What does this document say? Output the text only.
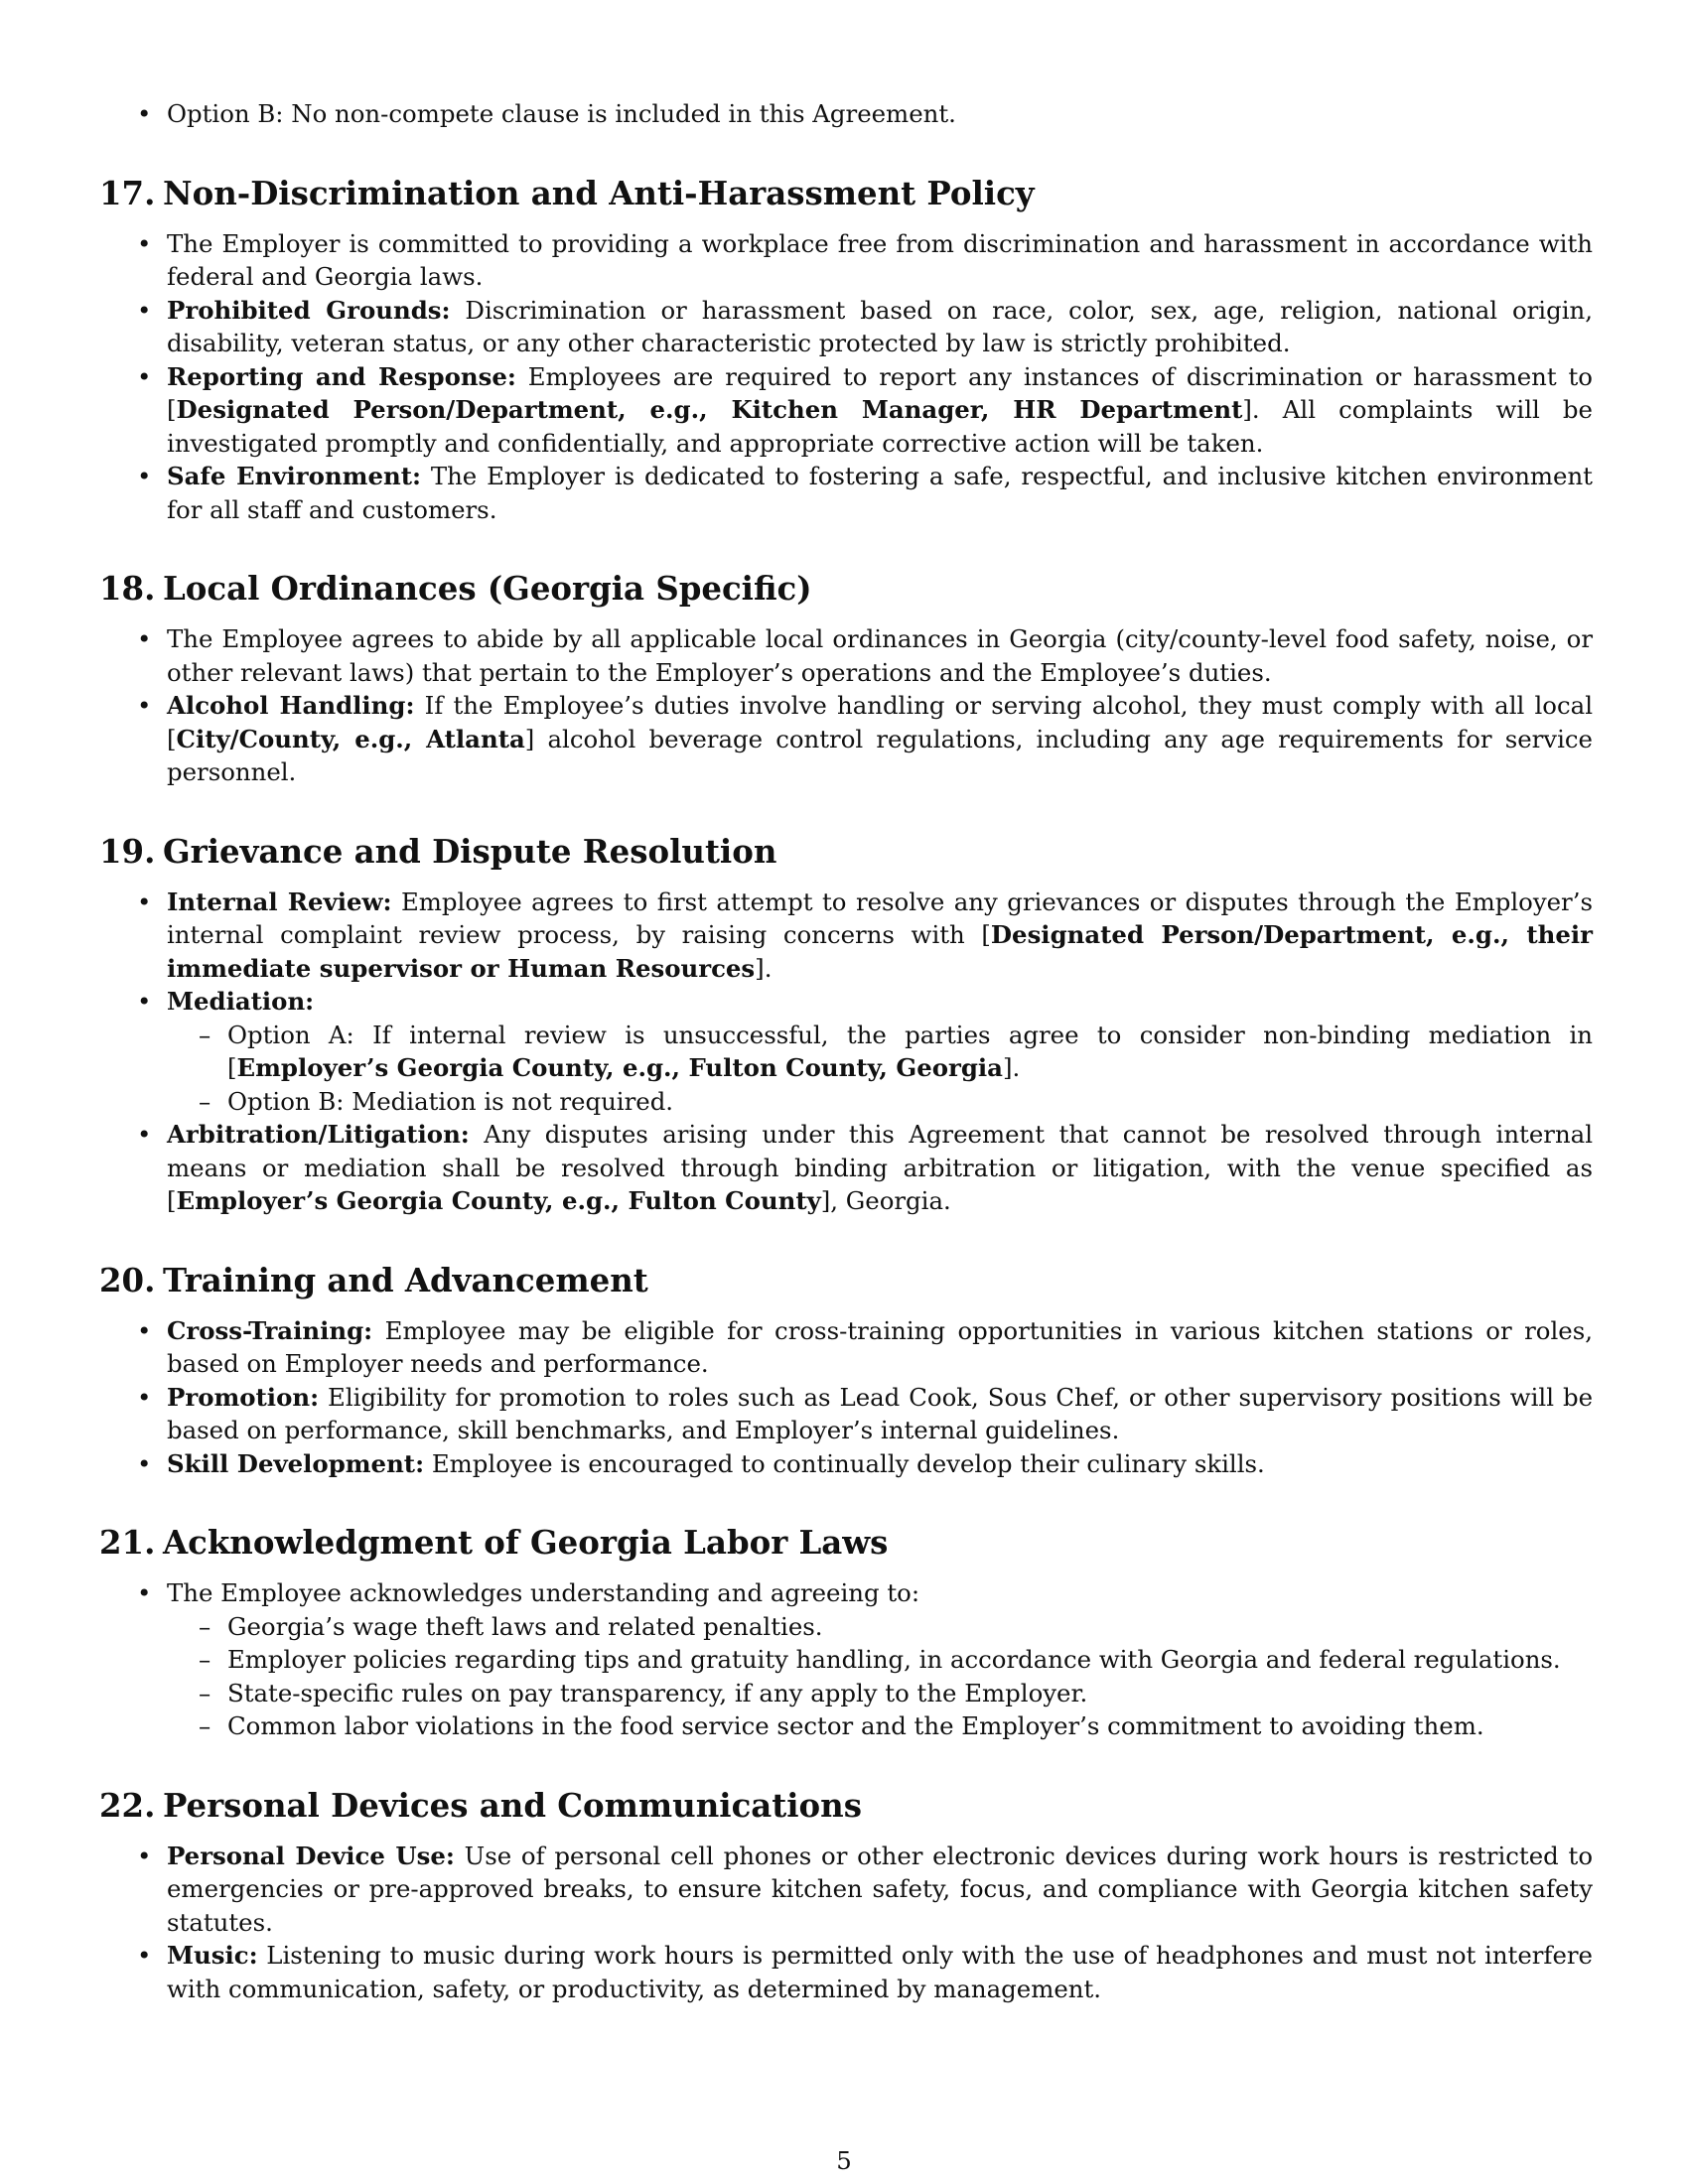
• Option B: No non-compete clause is included in this Agreement.
17. Non-Discrimination and Anti-Harassment Policy
• The Employer is committed to providing a workplace free from discrimination and harassment in accordance with federal and Georgia laws.
• Prohibited Grounds: Discrimination or harassment based on race, color, sex, age, religion, national origin, disability, veteran status, or any other characteristic protected by law is strictly prohibited.
• Reporting and Response: Employees are required to report any instances of discrimination or harassment to [Designated Person/Department, e.g., Kitchen Manager, HR Department]. All complaints will be investigated promptly and confidentially, and appropriate corrective action will be taken.
• Safe Environment: The Employer is dedicated to fostering a safe, respectful, and inclusive kitchen environment for all staff and customers.
18. Local Ordinances (Georgia Specific)
• The Employee agrees to abide by all applicable local ordinances in Georgia (city/county-level food safety, noise, or other relevant laws) that pertain to the Employer’s operations and the Employee’s duties.
• Alcohol Handling: If the Employee’s duties involve handling or serving alcohol, they must comply with all local [City/County, e.g., Atlanta] alcohol beverage control regulations, including any age requirements for service personnel.
19. Grievance and Dispute Resolution
• Internal Review: Employee agrees to first attempt to resolve any grievances or disputes through the Employer’s internal complaint review process, by raising concerns with [Designated Person/Department, e.g., their immediate supervisor or Human Resources].
• Mediation:
– Option A: If internal review is unsuccessful, the parties agree to consider non-binding mediation in [Employer’s Georgia County, e.g., Fulton County, Georgia].
– Option B: Mediation is not required.
• Arbitration/Litigation: Any disputes arising under this Agreement that cannot be resolved through internal means or mediation shall be resolved through binding arbitration or litigation, with the venue specified as [Employer’s Georgia County, e.g., Fulton County], Georgia.
20. Training and Advancement
• Cross-Training: Employee may be eligible for cross-training opportunities in various kitchen stations or roles, based on Employer needs and performance.
• Promotion: Eligibility for promotion to roles such as Lead Cook, Sous Chef, or other supervisory positions will be based on performance, skill benchmarks, and Employer’s internal guidelines.
• Skill Development: Employee is encouraged to continually develop their culinary skills.
21. Acknowledgment of Georgia Labor Laws
• The Employee acknowledges understanding and agreeing to:
– Georgia’s wage theft laws and related penalties.
– Employer policies regarding tips and gratuity handling, in accordance with Georgia and federal regulations.
– State-specific rules on pay transparency, if any apply to the Employer.
– Common labor violations in the food service sector and the Employer’s commitment to avoiding them.
22. Personal Devices and Communications
• Personal Device Use: Use of personal cell phones or other electronic devices during work hours is restricted to emergencies or pre-approved breaks, to ensure kitchen safety, focus, and compliance with Georgia kitchen safety statutes.
• Music: Listening to music during work hours is permitted only with the use of headphones and must not interfere with communication, safety, or productivity, as determined by management.
5
